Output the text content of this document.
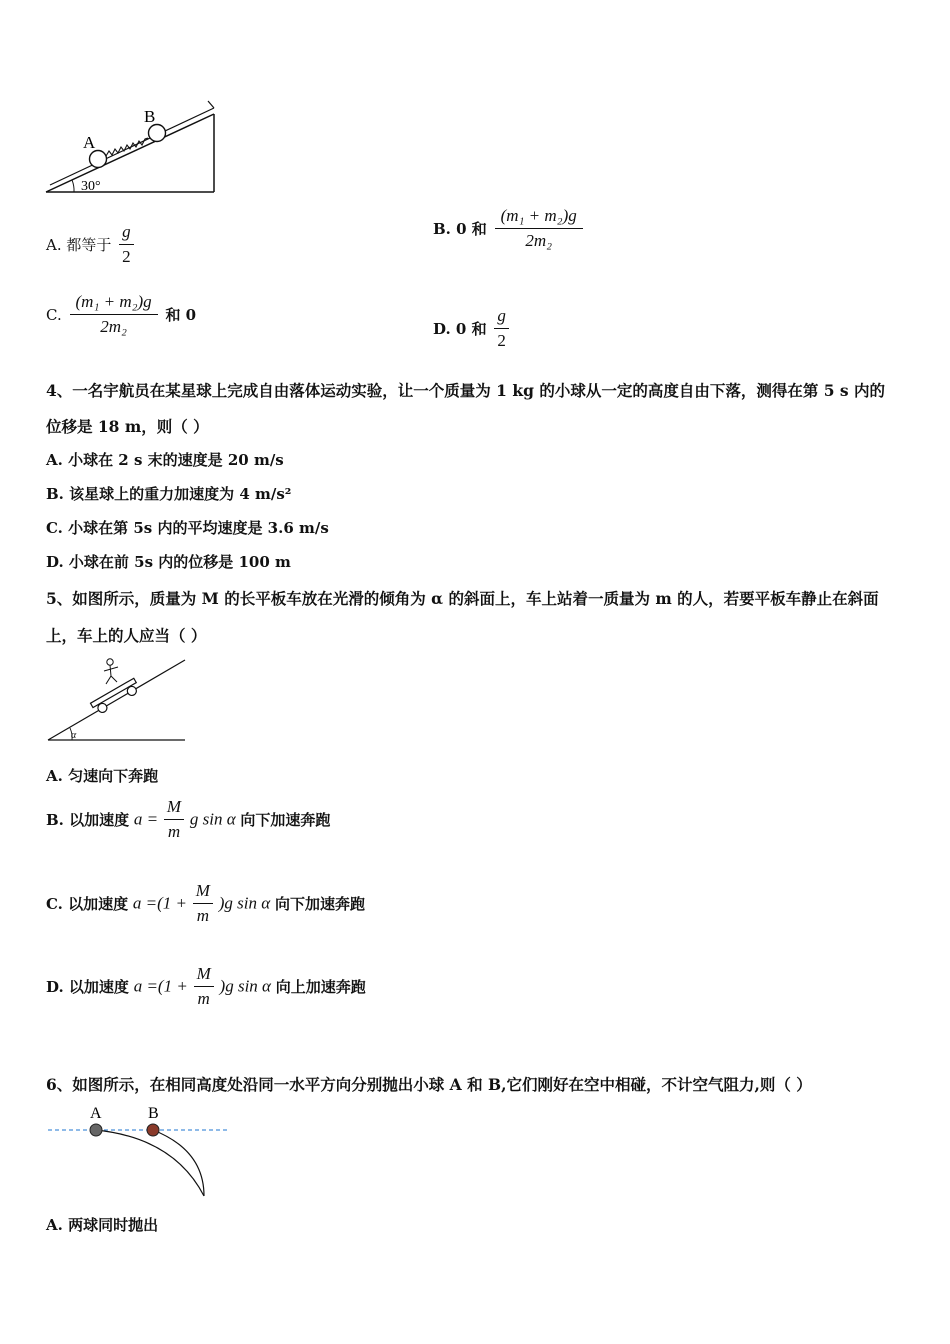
A
B
30°
A. 都等于 $\frac{g}{2}$	B. 0 和 $\frac{\text{(m₁ + m₂)g}}{\text{2m₂}}$
C. $\frac{\text{(m₁ + m₂)g}}{\text{2m₂}}$ 和 0
D. 0 和 $\frac{g}{2}$
4、一名宇航员在某星球上完成自由落体运动实验，让一个质量为 1 kg 的小球从一定的高度自由下落，测得在第 5 s 内的
位移是 18 m，则（ ）
A. 小球在 2 s 末的速度是 20 m/s
B. 该星球上的重力加速度为 4 m/s²
C. 小球在第 5s 内的平均速度是 3.6 m/s
D. 小球在前 5s 内的位移是 100 m
5、如图所示，质量为 M 的长平板车放在光滑的倾角为 α 的斜面上，车上站着一质量为 m 的人，若要平板车静止在斜面
上，车上的人应当（ ）
α
A. 匀速向下奔跑
B. 以加速度 $a = \frac{M}{m}$ g sin α 向下加速奔跑
C. 以加速度 $a =(1 + \frac{M}{m} )g$ sin α 向下加速奔跑
D. 以加速度 $a =(1 + \frac{M}{m} )g$ sin α 向上加速奔跑
6、如图所示，在相同高度处沿同一水平方向分别抛出小球 A 和 B,它们刚好在空中相碰，不计空气阻力,则（ ）
A	B
A. 两球同时抛出
